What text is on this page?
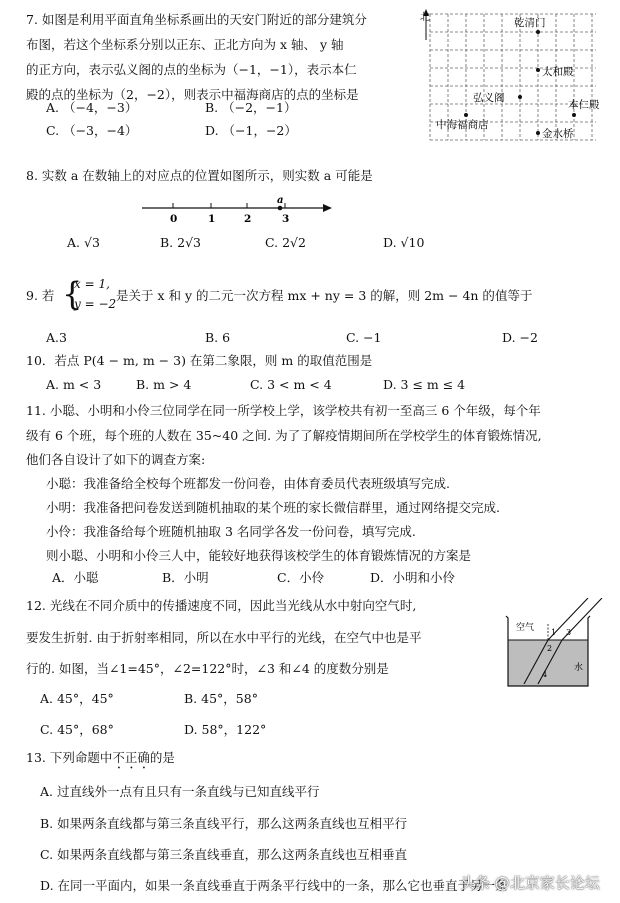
7. 如图是利用平面直角坐标系画出的天安门附近的部分建筑分
布图，若这个坐标系分别以正东、正北方向为 x 轴、 y 轴
的正方向，表示弘义阁的点的坐标为（−1，−1），表示本仁
殿的点的坐标为（2，−2），则表示中福海商店的点的坐标是
A. （−4，−3）	B. （−2，−1）
C. （−3，−4）	D. （−1，−2）
北	乾清门
太和殿
弘义阁
本仁殿
中海福商店
金水桥
8. 实数 a 在数轴上的对应点的位置如图所示，则实数 a 可能是
0	1	2	3
a
A. √3	B. 2√3	C. 2√2	D. √10
9. 若 {
x = 1,
y = −2
是关于 x 和 y 的二元一次方程 mx + ny = 3 的解，则 2m − 4n 的值等于
A.3	B. 6	C. −1	D. −2
10．若点 P(4 − m, m − 3) 在第二象限，则 m 的取值范围是
A. m < 3	B. m > 4	C. 3 < m < 4	D. 3 ≤ m ≤ 4
11. 小聪、小明和小伶三位同学在同一所学校上学，该学校共有初一至高三 6 个年级，每个年
级有 6 个班，每个班的人数在 35~40 之间. 为了了解疫情期间所在学校学生的体育锻炼情况,
他们各自设计了如下的调查方案:
小聪：我准备给全校每个班都发一份问卷，由体育委员代表班级填写完成.
小明：我准备把问卷发送到随机抽取的某个班的家长微信群里，通过网络提交完成.
小伶：我准备给每个班随机抽取 3 名同学各发一份问卷，填写完成.
则小聪、小明和小伶三人中，能较好地获得该校学生的体育锻炼情况的方案是
A．小聪	B．小明	C．小伶	D．小明和小伶
12. 光线在不同介质中的传播速度不同，因此当光线从水中射向空气时,
要发生折射. 由于折射率相同，所以在水中平行的光线，在空气中也是平
行的. 如图，当∠1=45°，∠2=122°时，∠3 和∠4 的度数分别是
A. 45°，45°	B. 45°，58°
C. 45°，68°	D. 58°，122°
空气
水
1
2
3
4
13. 下列命题中不正确的是
A. 过直线外一点有且只有一条直线与已知直线平行
B. 如果两条直线都与第三条直线平行，那么这两条直线也互相平行
C. 如果两条直线都与第三条直线垂直，那么这两条直线也互相垂直
D. 在同一平面内，如果一条直线垂直于两条平行线中的一条，那么它也垂直于另一条
头条 @北京家长论坛
